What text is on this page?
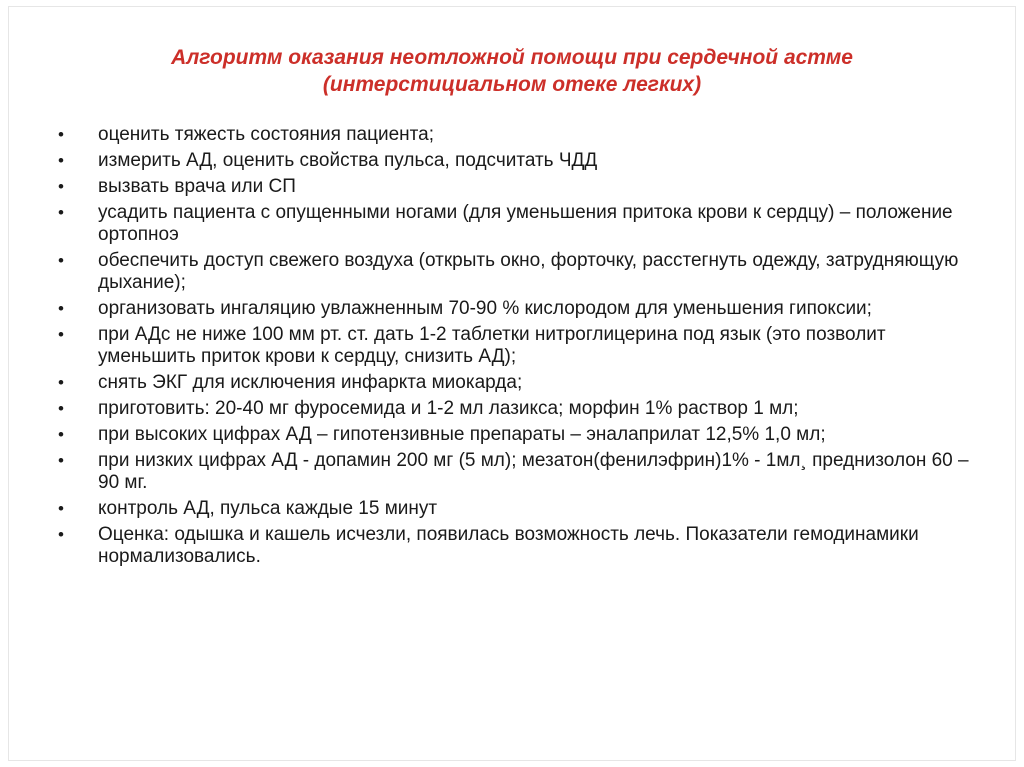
Алгоритм оказания неотложной помощи при сердечной астме
(интерстициальном отеке легких)
• оценить тяжесть состояния пациента;
• измерить АД, оценить свойства пульса, подсчитать ЧДД
• вызвать врача или СП
• усадить пациента с опущенными ногами (для уменьшения притока крови к сердцу) – положение ортопноэ
• обеспечить доступ свежего воздуха (открыть окно, форточку, расстегнуть одежду, затрудняющую дыхание);
• организовать ингаляцию увлажненным 70-90 % кислородом для уменьшения гипоксии;
• при АДс не ниже 100 мм рт. ст. дать 1-2 таблетки нитроглицерина под язык (это позволит уменьшить приток крови к сердцу, снизить АД);
• снять ЭКГ для исключения инфаркта миокарда;
• приготовить: 20-40 мг фуросемида и 1-2 мл лазикса; морфин 1% раствор 1 мл;
• при высоких цифрах АД – гипотензивные препараты – эналаприлат 12,5% 1,0 мл;
• при низких цифрах АД - допамин 200 мг (5 мл); мезатон(фенилэфрин)1% - 1мл¸ преднизолон 60 – 90 мг.
• контроль АД, пульса каждые 15 минут
• Оценка: одышка и кашель исчезли, появилась возможность лечь. Показатели гемодинамики нормализовались.
